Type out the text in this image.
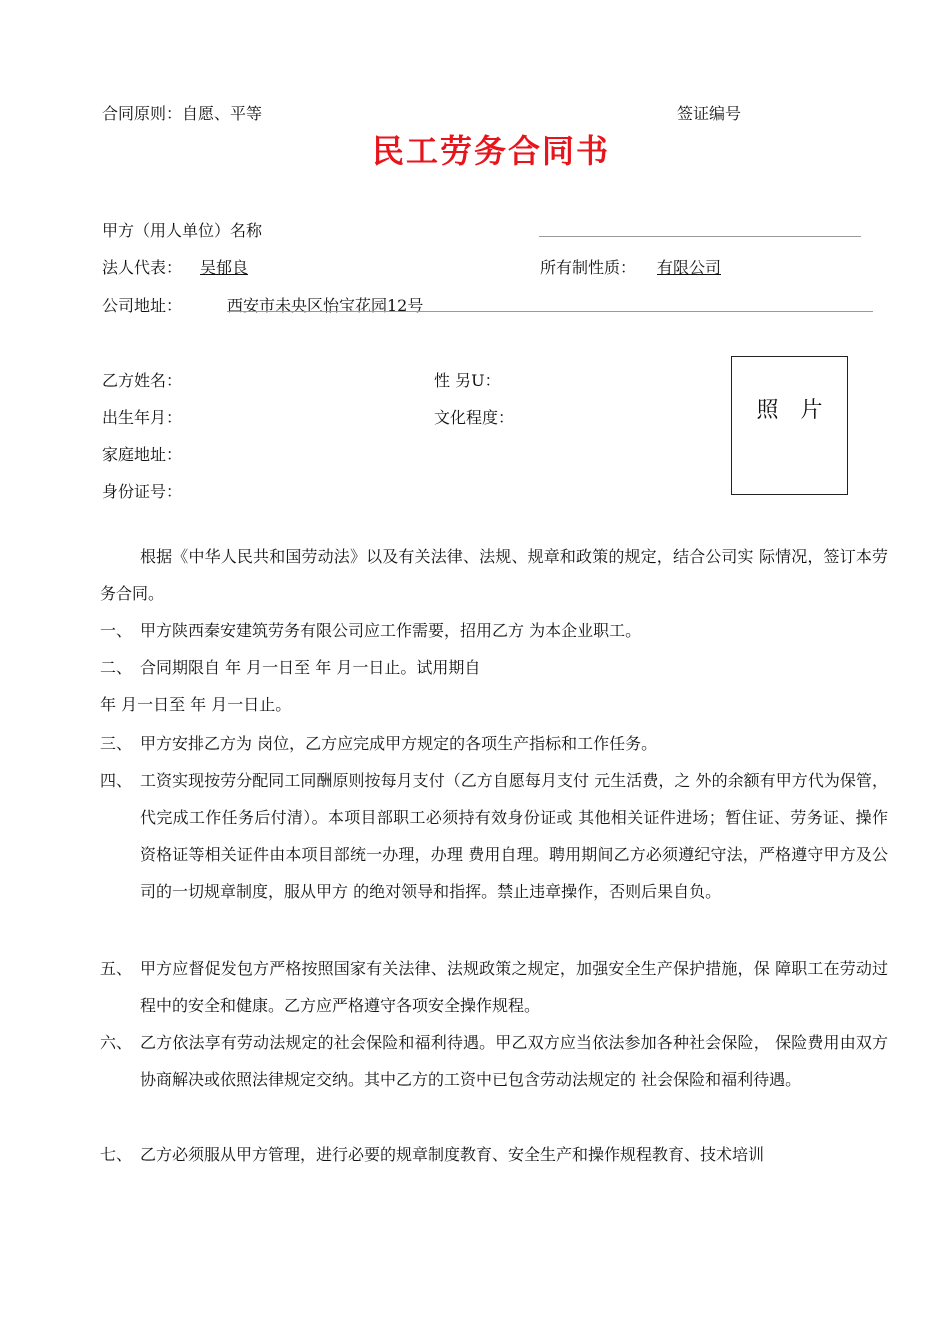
合同原则：自愿、平等	签证编号
民工劳务合同书
甲方（用人单位）名称
法人代表： 吴郁良	所有制性质： 有限公司
公司地址：	西安市未央区怡宝花园12号
乙方姓名：	性 另U：
出生年月：	文化程度：
家庭地址：
身份证号：
照片
根据《中华人民共和国劳动法》以及有关法律、法规、规章和政策的规定，结合公司实 际情况，签订本劳务合同。
一、 甲方陕西秦安建筑劳务有限公司应工作需要，招用乙方 为本企业职工。
二、 合同期限自 年 月一日至 年 月一日止。试用期自
年 月一日至 年 月一日止。
三、 甲方安排乙方为 岗位，乙方应完成甲方规定的各项生产指标和工作任务。
四、 工资实现按劳分配同工同酬原则按每月支付（乙方自愿每月支付 元生活费，之 外的余额有甲方代为保管，代完成工作任务后付清）。本项目部职工必须持有效身份证或 其他相关证件进场；暂住证、劳务证、操作资格证等相关证件由本项目部统一办理，办理 费用自理。聘用期间乙方必须遵纪守法，严格遵守甲方及公司的一切规章制度，服从甲方 的绝对领导和指挥。禁止违章操作，否则后果自负。
五、 甲方应督促发包方严格按照国家有关法律、法规政策之规定，加强安全生产保护措施，保 障职工在劳动过程中的安全和健康。乙方应严格遵守各项安全操作规程。
六、 乙方依法享有劳动法规定的社会保险和福利待遇。甲乙双方应当依法参加各种社会保险， 保险费用由双方协商解决或依照法律规定交纳。其中乙方的工资中已包含劳动法规定的 社会保险和福利待遇。
七、 乙方必须服从甲方管理，进行必要的规章制度教育、安全生产和操作规程教育、技术培训
